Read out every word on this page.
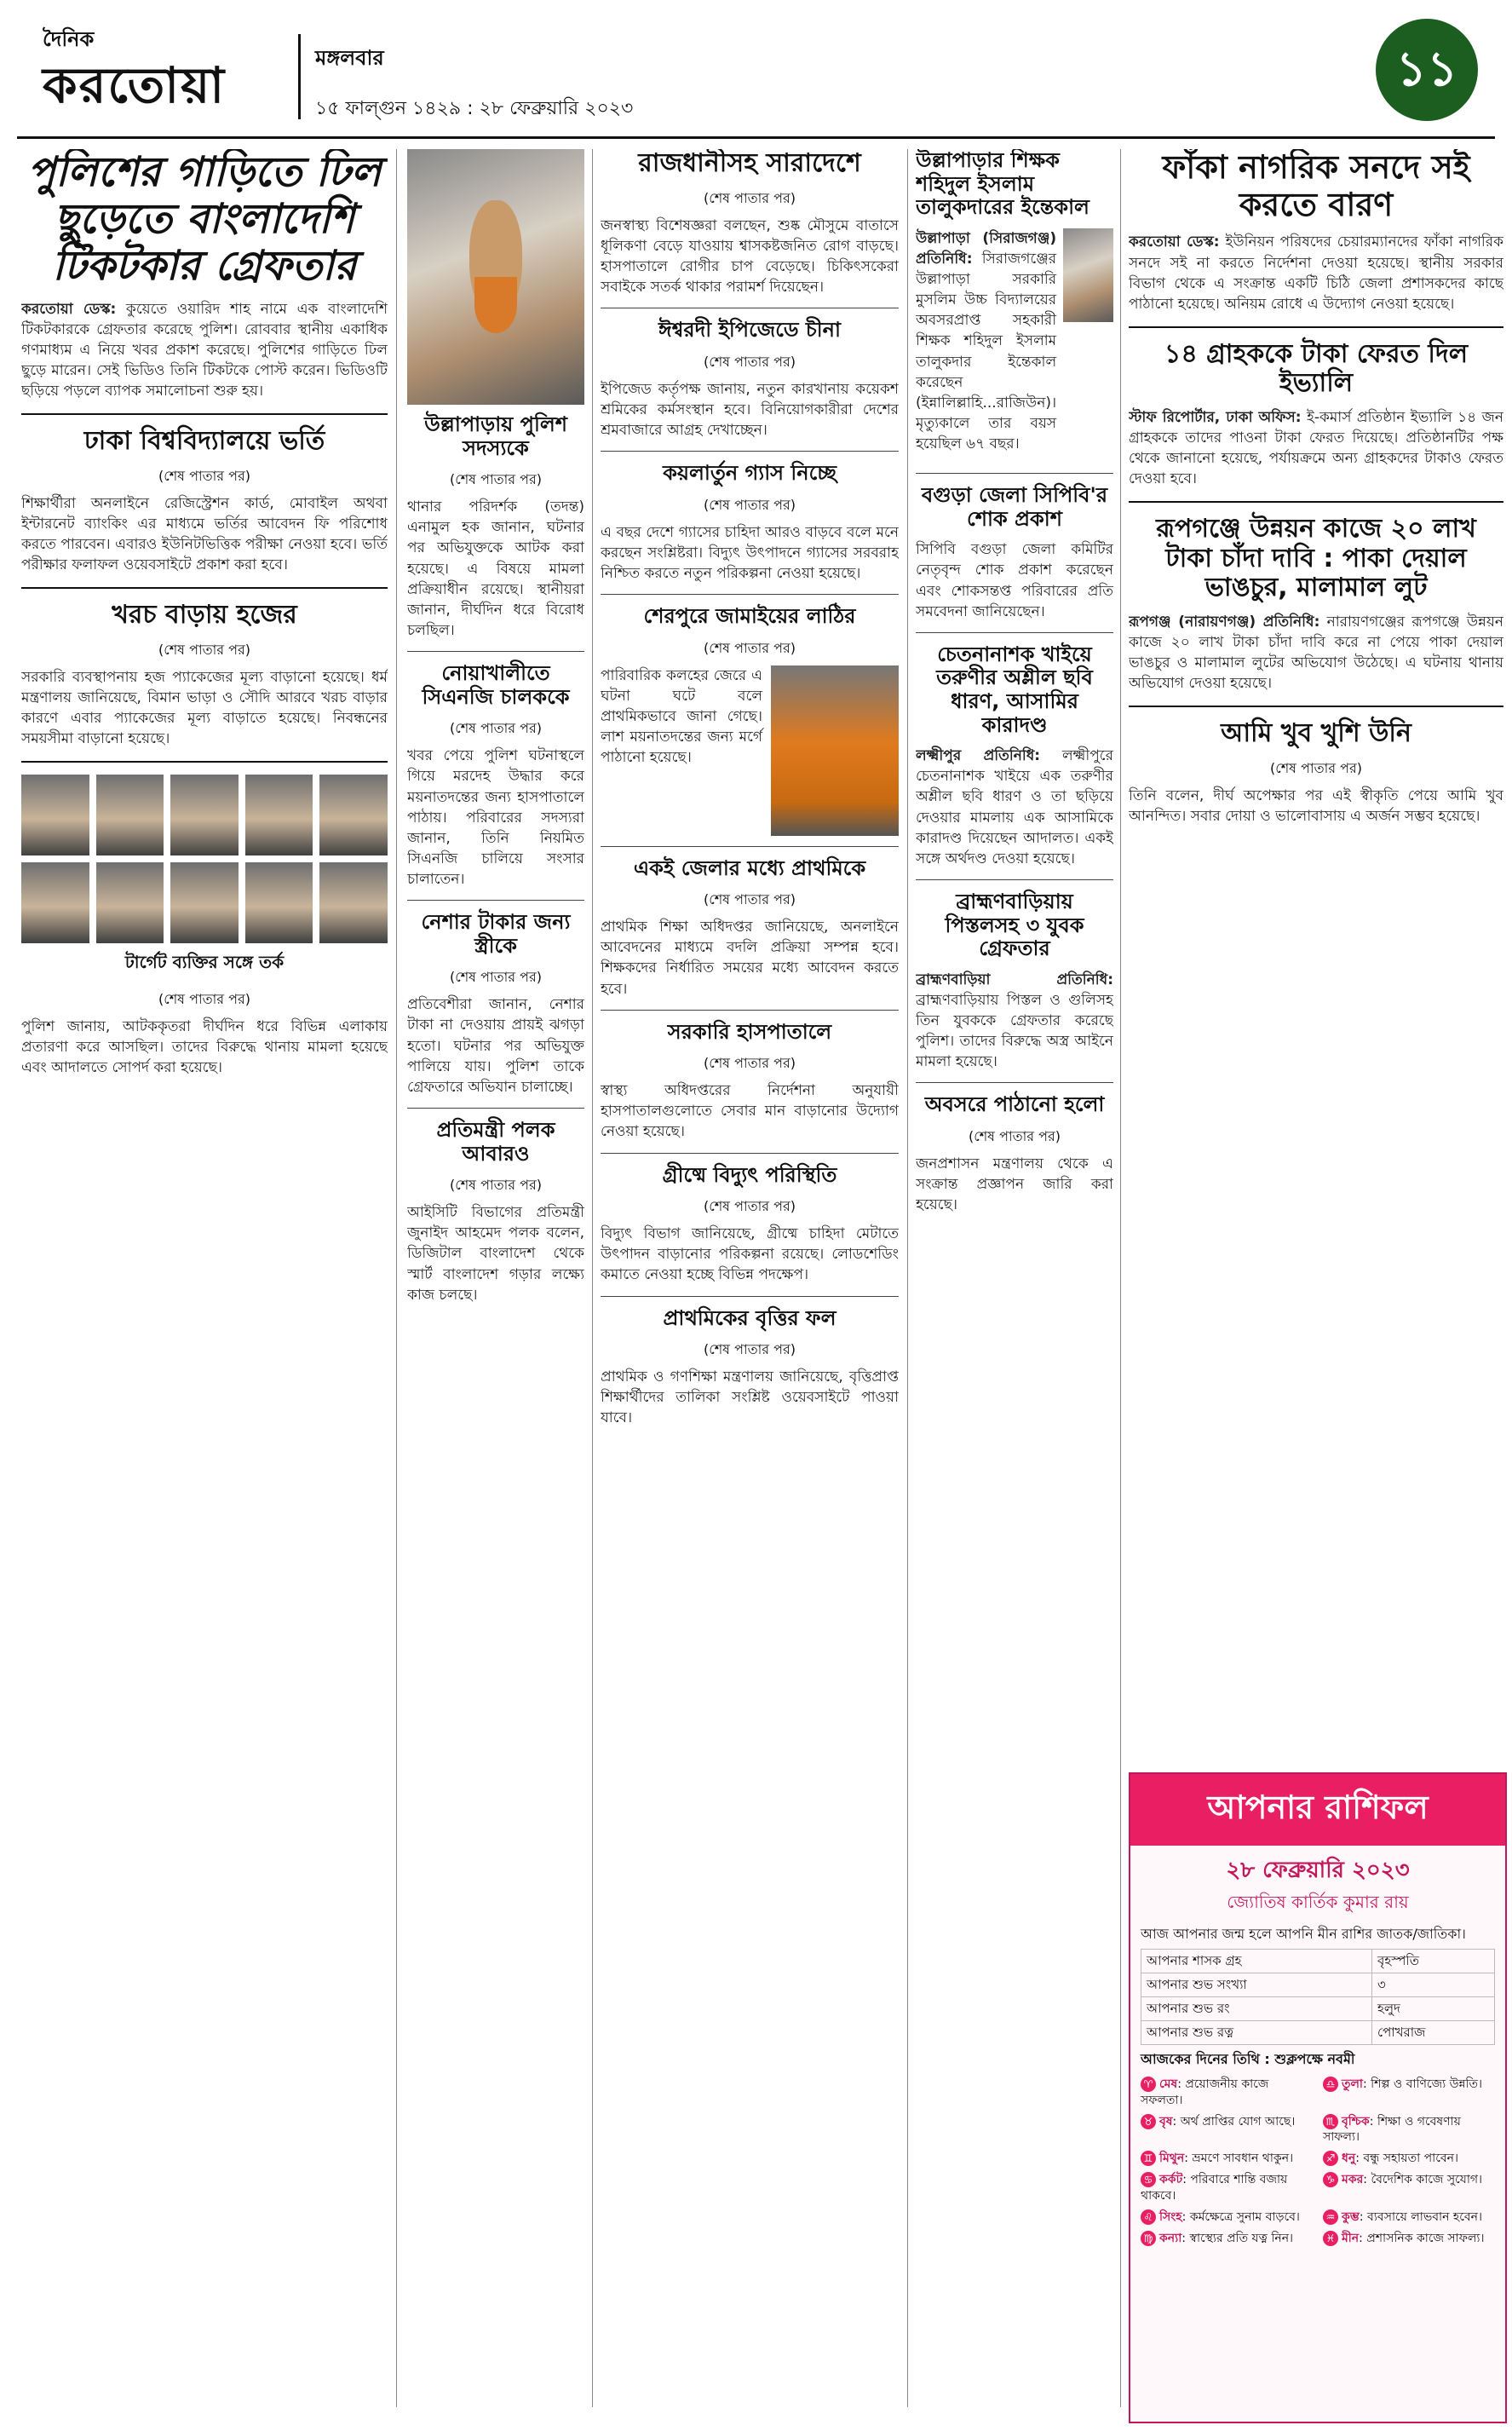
দৈনিক
করতোয়া	মঙ্গলবার
১৫ ফাল্গুন ১৪২৯ : ২৮ ফেব্রুয়ারি ২০২৩
১১
পুলিশের গাড়িতে ঢিল ছুড়েতে বাংলাদেশি টিকটকার গ্রেফতার

করতোয়া ডেস্ক: কুয়েতে ওয়ারিদ শাহ নামে এক বাংলাদেশি টিকটকারকে গ্রেফতার করেছে পুলিশ। রোববার স্থানীয় একাধিক গণমাধ্যম এ নিয়ে খবর প্রকাশ করেছে। পুলিশের গাড়িতে ঢিল ছুড়ে মারেন। সেই ভিডিও তিনি টিকটকে পোস্ট করেন। ভিডিওটি ছড়িয়ে পড়লে ব্যাপক সমালোচনা শুরু হয়।

ঢাকা বিশ্ববিদ্যালয়ে ভর্তি
(শেষ পাতার পর)

শিক্ষার্থীরা অনলাইনে রেজিস্ট্রেশন কার্ড, মোবাইল অথবা ইন্টারনেট ব্যাংকিং এর মাধ্যমে ভর্তির আবেদন ফি পরিশোধ করতে পারবেন। এবারও ইউনিটভিত্তিক পরীক্ষা নেওয়া হবে। ভর্তি পরীক্ষার ফলাফল ওয়েবসাইটে প্রকাশ করা হবে।

খরচ বাড়ায় হজের
(শেষ পাতার পর)

সরকারি ব্যবস্থাপনায় হজ প্যাকেজের মূল্য বাড়ানো হয়েছে। ধর্ম মন্ত্রণালয় জানিয়েছে, বিমান ভাড়া ও সৌদি আরবে খরচ বাড়ার কারণে এবার প্যাকেজের মূল্য বাড়াতে হয়েছে। নিবন্ধনের সময়সীমা বাড়ানো হয়েছে।

টার্গেট ব্যক্তির সঙ্গে তর্ক
(শেষ পাতার পর)

পুলিশ জানায়, আটককৃতরা দীর্ঘদিন ধরে বিভিন্ন এলাকায় প্রতারণা করে আসছিল। তাদের বিরুদ্ধে থানায় মামলা হয়েছে এবং আদালতে সোপর্দ করা হয়েছে।

উল্লাপাড়ায় পুলিশ সদস্যকে
(শেষ পাতার পর)

থানার পরিদর্শক (তদন্ত) এনামুল হক জানান, ঘটনার পর অভিযুক্তকে আটক করা হয়েছে। এ বিষয়ে মামলা প্রক্রিয়াধীন রয়েছে। স্থানীয়রা জানান, দীর্ঘদিন ধরে বিরোধ চলছিল।

নোয়াখালীতে সিএনজি চালককে
(শেষ পাতার পর)

খবর পেয়ে পুলিশ ঘটনাস্থলে গিয়ে মরদেহ উদ্ধার করে ময়নাতদন্তের জন্য হাসপাতালে পাঠায়। পরিবারের সদস্যরা জানান, তিনি নিয়মিত সিএনজি চালিয়ে সংসার চালাতেন।

নেশার টাকার জন্য স্ত্রীকে
(শেষ পাতার পর)

প্রতিবেশীরা জানান, নেশার টাকা না দেওয়ায় প্রায়ই ঝগড়া হতো। ঘটনার পর অভিযুক্ত পালিয়ে যায়। পুলিশ তাকে গ্রেফতারে অভিযান চালাচ্ছে।

প্রতিমন্ত্রী পলক আবারও
(শেষ পাতার পর)

আইসিটি বিভাগের প্রতিমন্ত্রী জুনাইদ আহমেদ পলক বলেন, ডিজিটাল বাংলাদেশ থেকে স্মার্ট বাংলাদেশ গড়ার লক্ষ্যে কাজ চলছে।

রাজধানীসহ সারাদেশে
(শেষ পাতার পর)

জনস্বাস্থ্য বিশেষজ্ঞরা বলছেন, শুষ্ক মৌসুমে বাতাসে ধূলিকণা বেড়ে যাওয়ায় শ্বাসকষ্টজনিত রোগ বাড়ছে। হাসপাতালে রোগীর চাপ বেড়েছে। চিকিৎসকেরা সবাইকে সতর্ক থাকার পরামর্শ দিয়েছেন।

ঈশ্বরদী ইপিজেডে চীনা
(শেষ পাতার পর)

ইপিজেড কর্তৃপক্ষ জানায়, নতুন কারখানায় কয়েকশ শ্রমিকের কর্মসংস্থান হবে। বিনিয়োগকারীরা দেশের শ্রমবাজারে আগ্রহ দেখাচ্ছেন।

কয়লার্তুন গ্যাস নিচ্ছে
(শেষ পাতার পর)

এ বছর দেশে গ্যাসের চাহিদা আরও বাড়বে বলে মনে করছেন সংশ্লিষ্টরা। বিদ্যুৎ উৎপাদনে গ্যাসের সরবরাহ নিশ্চিত করতে নতুন পরিকল্পনা নেওয়া হয়েছে।

শেরপুরে জামাইয়ের লাঠির
(শেষ পাতার পর)

পারিবারিক কলহের জেরে এ ঘটনা ঘটে বলে প্রাথমিকভাবে জানা গেছে। লাশ ময়নাতদন্তের জন্য মর্গে পাঠানো হয়েছে।

একই জেলার মধ্যে প্রাথমিকে
(শেষ পাতার পর)

প্রাথমিক শিক্ষা অধিদপ্তর জানিয়েছে, অনলাইনে আবেদনের মাধ্যমে বদলি প্রক্রিয়া সম্পন্ন হবে। শিক্ষকদের নির্ধারিত সময়ের মধ্যে আবেদন করতে হবে।

সরকারি হাসপাতালে
(শেষ পাতার পর)

স্বাস্থ্য অধিদপ্তরের নির্দেশনা অনুযায়ী হাসপাতালগুলোতে সেবার মান বাড়ানোর উদ্যোগ নেওয়া হয়েছে।

গ্রীষ্মে বিদ্যুৎ পরিস্থিতি
(শেষ পাতার পর)

বিদ্যুৎ বিভাগ জানিয়েছে, গ্রীষ্মে চাহিদা মেটাতে উৎপাদন বাড়ানোর পরিকল্পনা রয়েছে। লোডশেডিং কমাতে নেওয়া হচ্ছে বিভিন্ন পদক্ষেপ।

প্রাথমিকের বৃত্তির ফল
(শেষ পাতার পর)

প্রাথমিক ও গণশিক্ষা মন্ত্রণালয় জানিয়েছে, বৃত্তিপ্রাপ্ত শিক্ষার্থীদের তালিকা সংশ্লিষ্ট ওয়েবসাইটে পাওয়া যাবে।

উল্লাপাড়ার শিক্ষক শহিদুল ইসলাম তালুকদারের ইন্তেকাল

উল্লাপাড়া (সিরাজগঞ্জ) প্রতিনিধি: সিরাজগঞ্জের উল্লাপাড়া সরকারি মুসলিম উচ্চ বিদ্যালয়ের অবসরপ্রাপ্ত সহকারী শিক্ষক শহিদুল ইসলাম তালুকদার ইন্তেকাল করেছেন (ইন্নালিল্লাহি...রাজিউন)। মৃত্যুকালে তার বয়স হয়েছিল ৬৭ বছর।

বগুড়া জেলা সিপিবি'র শোক প্রকাশ

সিপিবি বগুড়া জেলা কমিটির নেতৃবৃন্দ শোক প্রকাশ করেছেন এবং শোকসন্তপ্ত পরিবারের প্রতি সমবেদনা জানিয়েছেন।

চেতনানাশক খাইয়ে তরুণীর অশ্লীল ছবি ধারণ, আসামির কারাদণ্ড

লক্ষ্মীপুর প্রতিনিধি: লক্ষ্মীপুরে চেতনানাশক খাইয়ে এক তরুণীর অশ্লীল ছবি ধারণ ও তা ছড়িয়ে দেওয়ার মামলায় এক আসামিকে কারাদণ্ড দিয়েছেন আদালত। একই সঙ্গে অর্থদণ্ড দেওয়া হয়েছে।

ব্রাহ্মণবাড়িয়ায় পিস্তলসহ ৩ যুবক গ্রেফতার

ব্রাহ্মণবাড়িয়া প্রতিনিধি: ব্রাহ্মণবাড়িয়ায় পিস্তল ও গুলিসহ তিন যুবককে গ্রেফতার করেছে পুলিশ। তাদের বিরুদ্ধে অস্ত্র আইনে মামলা হয়েছে।

অবসরে পাঠানো হলো
(শেষ পাতার পর)

জনপ্রশাসন মন্ত্রণালয় থেকে এ সংক্রান্ত প্রজ্ঞাপন জারি করা হয়েছে।

ফাঁকা নাগরিক সনদে সই করতে বারণ

করতোয়া ডেস্ক: ইউনিয়ন পরিষদের চেয়ারম্যানদের ফাঁকা নাগরিক সনদে সই না করতে নির্দেশনা দেওয়া হয়েছে। স্থানীয় সরকার বিভাগ থেকে এ সংক্রান্ত একটি চিঠি জেলা প্রশাসকদের কাছে পাঠানো হয়েছে। অনিয়ম রোধে এ উদ্যোগ নেওয়া হয়েছে।

১৪ গ্রাহককে টাকা ফেরত দিল ইভ্যালি

স্টাফ রিপোর্টার, ঢাকা অফিস: ই-কমার্স প্রতিষ্ঠান ইভ্যালি ১৪ জন গ্রাহককে তাদের পাওনা টাকা ফেরত দিয়েছে। প্রতিষ্ঠানটির পক্ষ থেকে জানানো হয়েছে, পর্যায়ক্রমে অন্য গ্রাহকদের টাকাও ফেরত দেওয়া হবে।

রূপগঞ্জে উন্নয়ন কাজে ২০ লাখ টাকা চাঁদা দাবি : পাকা দেয়াল ভাঙচুর, মালামাল লুট

রূপগঞ্জ (নারায়ণগঞ্জ) প্রতিনিধি: নারায়ণগঞ্জের রূপগঞ্জে উন্নয়ন কাজে ২০ লাখ টাকা চাঁদা দাবি করে না পেয়ে পাকা দেয়াল ভাঙচুর ও মালামাল লুটের অভিযোগ উঠেছে। এ ঘটনায় থানায় অভিযোগ দেওয়া হয়েছে।

আমি খুব খুশি উনি
(শেষ পাতার পর)

তিনি বলেন, দীর্ঘ অপেক্ষার পর এই স্বীকৃতি পেয়ে আমি খুব আনন্দিত। সবার দোয়া ও ভালোবাসায় এ অর্জন সম্ভব হয়েছে।

আপনার রাশিফল
২৮ ফেব্রুয়ারি ২০২৩
জ্যোতিষ কার্তিক কুমার রায়
আজ আপনার জন্ম হলে আপনি মীন রাশির জাতক/জাতিকা।
আপনার শাসক গ্রহ	বৃহস্পতি
আপনার শুভ সংখ্যা	৩
আপনার শুভ রং	হলুদ
আপনার শুভ রত্ন	পোখরাজ
আজকের দিনের তিথি : শুক্লপক্ষে নবমী
♈ মেষ: প্রয়োজনীয় কাজে সফলতা।
♎ তুলা: শিল্প ও বাণিজ্যে উন্নতি।
♉ বৃষ: অর্থ প্রাপ্তির যোগ আছে।	♏ বৃশ্চিক: শিক্ষা ও গবেষণায় সাফল্য।
♊ মিথুন: ভ্রমণে সাবধান থাকুন।	♐ ধনু: বন্ধু সহায়তা পাবেন।
♋ কর্কট: পরিবারে শান্তি বজায় থাকবে।
♑ মকর: বৈদেশিক কাজে সুযোগ।
♌ সিংহ: কর্মক্ষেত্রে সুনাম বাড়বে।	♒ কুম্ভ: ব্যবসায়ে লাভবান হবেন।
♍ কন্যা: স্বাস্থ্যের প্রতি যত্ন নিন।	♓ মীন: প্রশাসনিক কাজে সাফল্য।
